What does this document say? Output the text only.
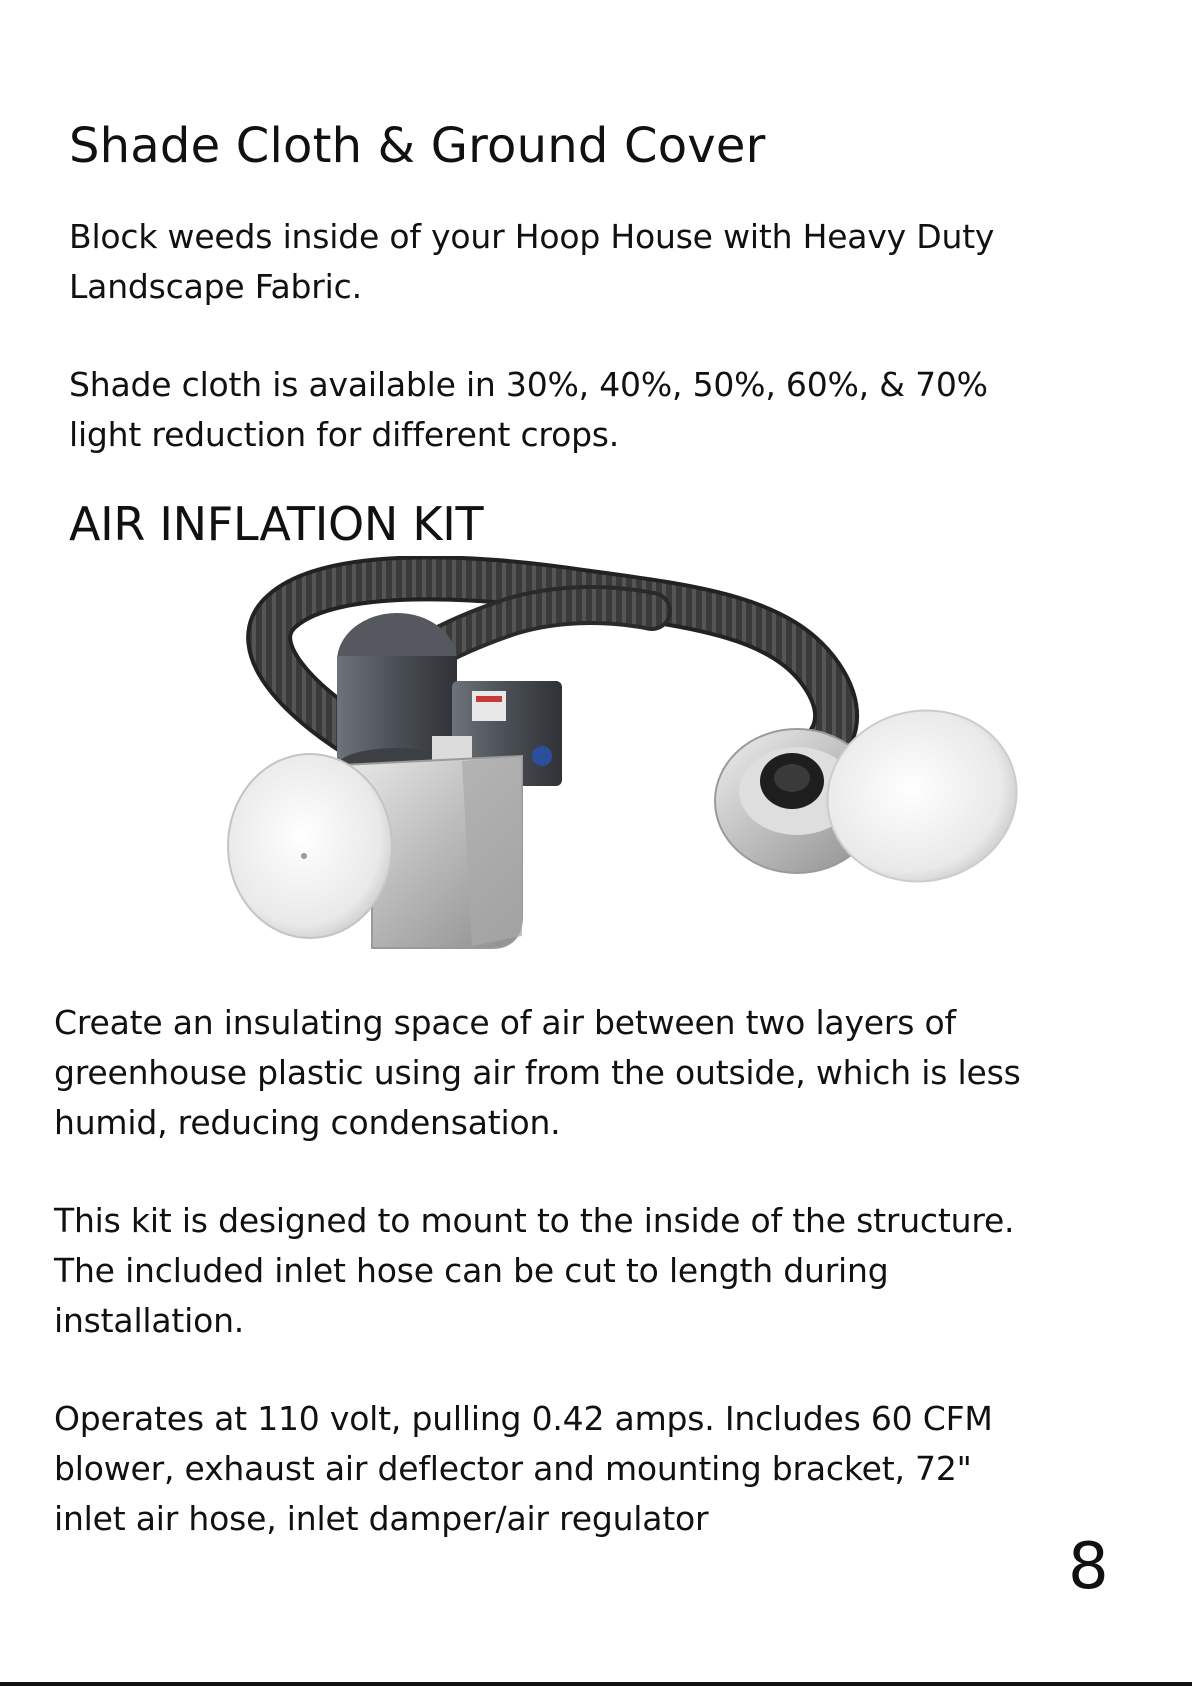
Shade Cloth & Ground Cover

Block weeds inside of your Hoop House with Heavy Duty
Landscape Fabric.

Shade cloth is available in 30%, 40%, 50%, 60%, & 70%
light reduction for different crops.

AIR INFLATION KIT

Create an insulating space of air between two layers of
greenhouse plastic using air from the outside, which is less
humid, reducing condensation.

This kit is designed to mount to the inside of the structure.
The included inlet hose can be cut to length during
installation.

Operates at 110 volt, pulling 0.42 amps. Includes 60 CFM
blower, exhaust air deflector and mounting bracket, 72"
inlet air hose, inlet damper/air regulator

8
